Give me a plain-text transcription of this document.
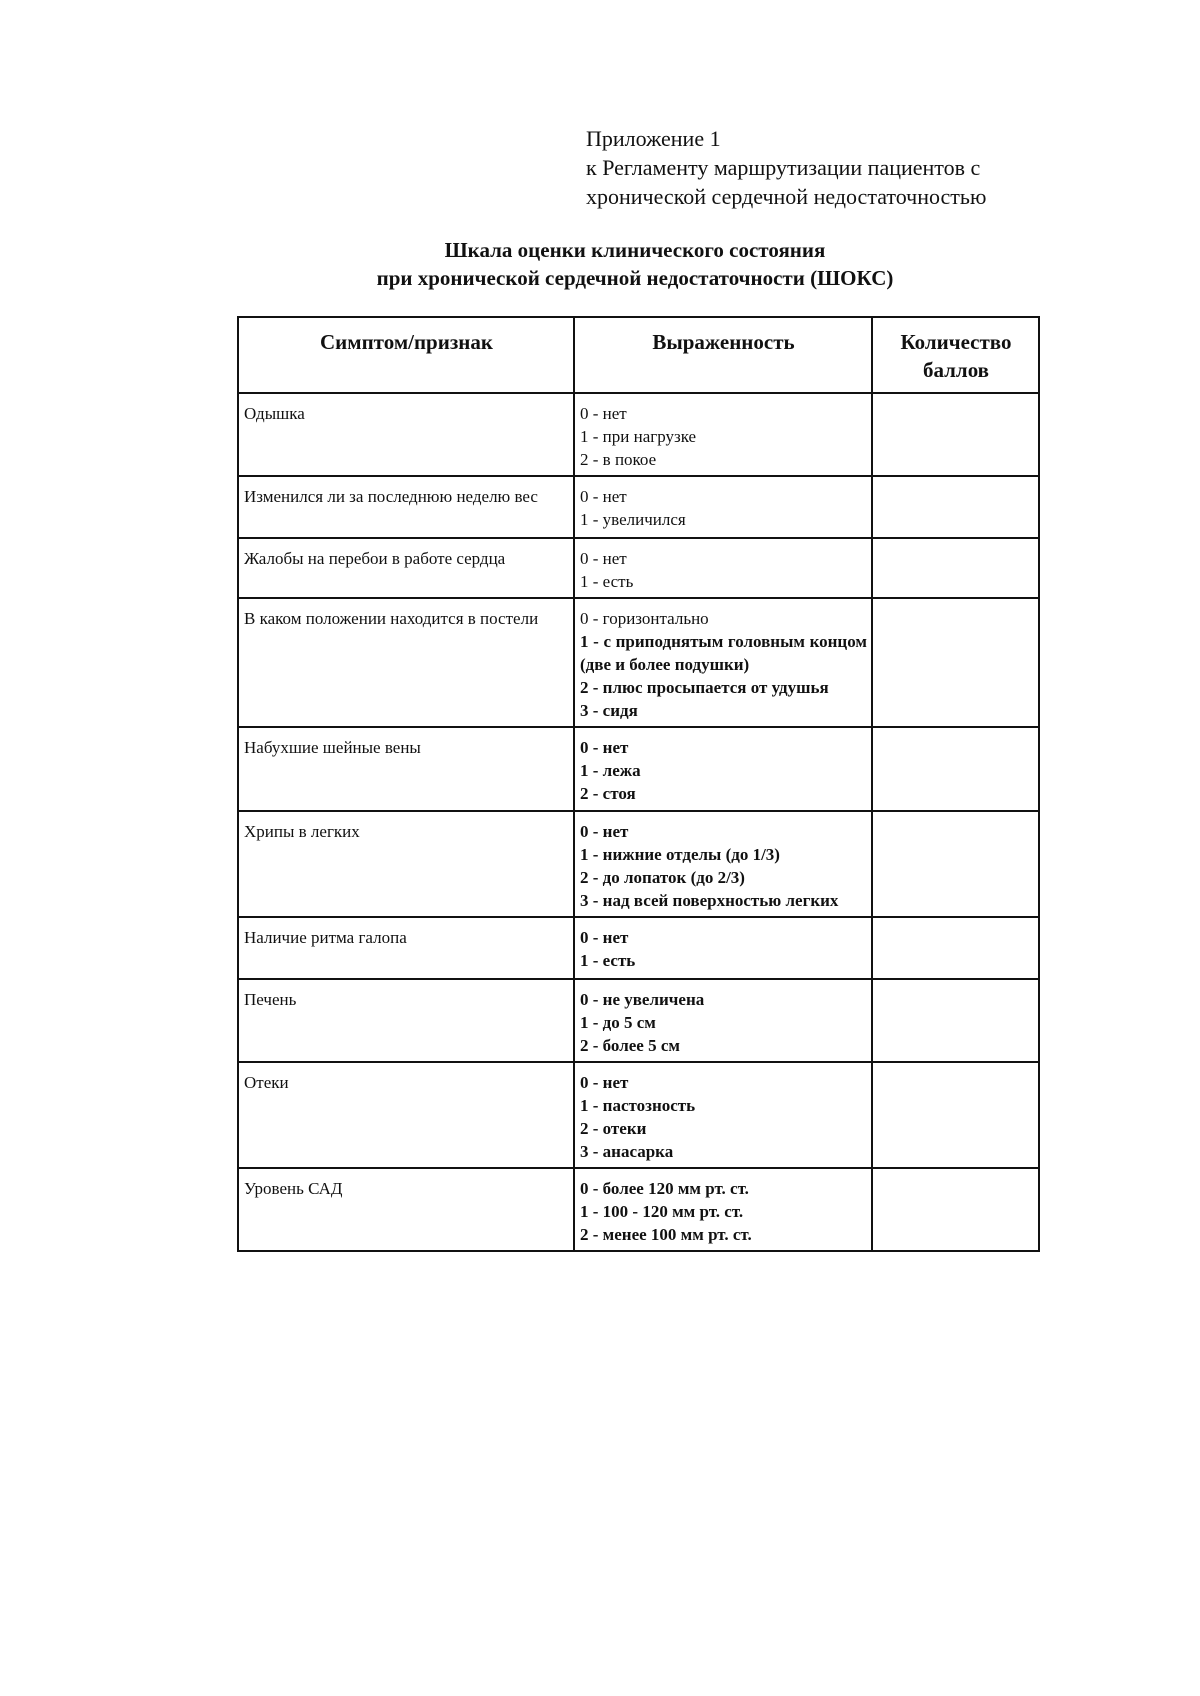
Приложение 1
к Регламенту маршрутизации пациентов с
хронической сердечной недостаточностью
Шкала оценки клинического состояния
при хронической сердечной недостаточности (ШОКС)
Симптом/признак	Выраженность	Количество баллов
Одышка	0 - нет
1 - при нагрузке
2 - в покое	

Изменился ли за последнюю неделю вес	0 - нет
1 - увеличился	

Жалобы на перебои в работе сердца	0 - нет
1 - есть	

В каком положении находится в постели	0 - горизонтально
1 - с приподнятым головным концом (две и более подушки)
2 - плюс просыпается от удушья
3 - сидя	

Набухшие шейные вены	0 - нет
1 - лежа
2 - стоя	

Хрипы в легких	0 - нет
1 - нижние отделы (до 1/3)
2 - до лопаток (до 2/3)
3 - над всей поверхностью легких	

Наличие ритма галопа	0 - нет
1 - есть	

Печень	0 - не увеличена
1 - до 5 см
2 - более 5 см	

Отеки	0 - нет
1 - пастозность
2 - отеки
3 - анасарка	

Уровень САД	0 - более 120 мм рт. ст.
1 - 100 - 120 мм рт. ст.
2 - менее 100 мм рт. ст.	
